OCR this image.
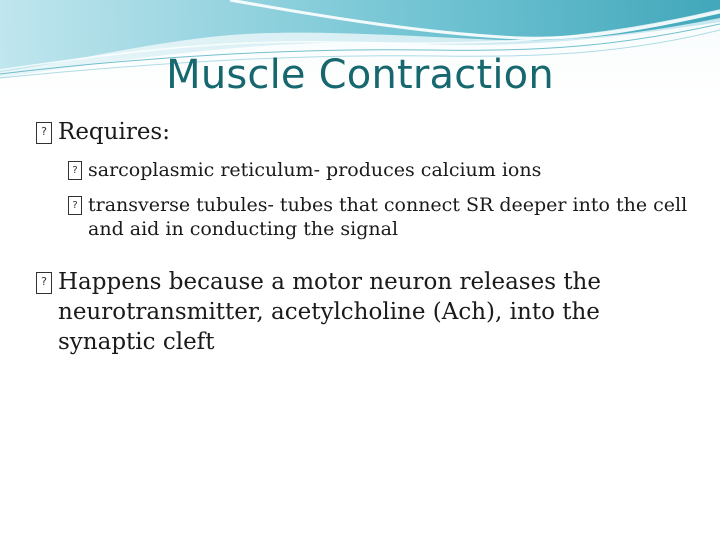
Muscle Contraction
?
Requires:
?
sarcoplasmic reticulum- produces calcium ions
?
transverse tubules- tubes that connect SR deeper into the cell and aid in conducting the signal
?
Happens because a motor neuron releases the neurotransmitter, acetylcholine (Ach), into the synaptic cleft
